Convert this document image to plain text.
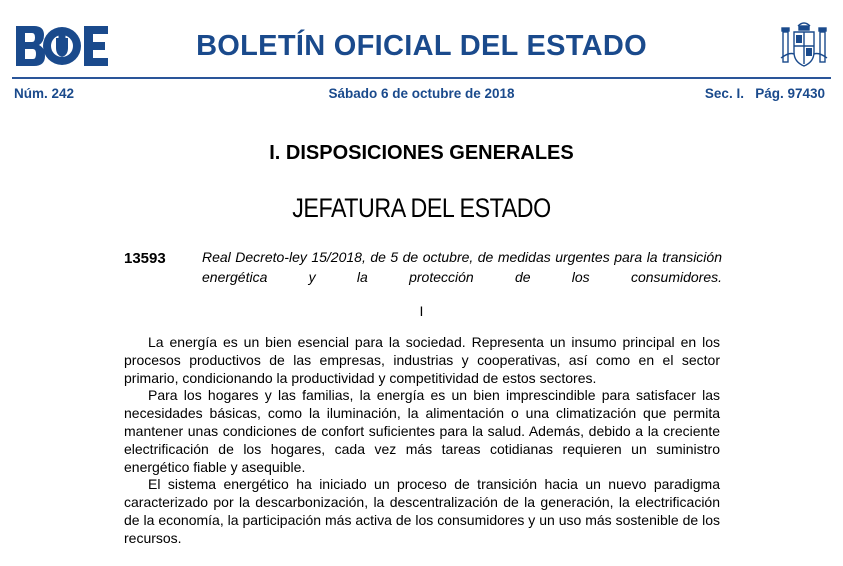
BOLETÍN OFICIAL DEL ESTADO
Núm. 242	Sábado 6 de octubre de 2018	Sec. I.   Pág. 97430
I. DISPOSICIONES GENERALES
JEFATURA DEL ESTADO
13593	Real Decreto-ley 15/2018, de 5 de octubre, de medidas urgentes para la transición energética y la protección de los consumidores.
I

La energía es un bien esencial para la sociedad. Representa un insumo principal en los procesos productivos de las empresas, industrias y cooperativas, así como en el sector primario, condicionando la productividad y competitividad de estos sectores.

Para los hogares y las familias, la energía es un bien imprescindible para satisfacer las necesidades básicas, como la iluminación, la alimentación o una climatización que permita mantener unas condiciones de confort suficientes para la salud. Además, debido a la creciente electrificación de los hogares, cada vez más tareas cotidianas requieren un suministro energético fiable y asequible.

El sistema energético ha iniciado un proceso de transición hacia un nuevo paradigma caracterizado por la descarbonización, la descentralización de la generación, la electrificación de la economía, la participación más activa de los consumidores y un uso más sostenible de los recursos.
